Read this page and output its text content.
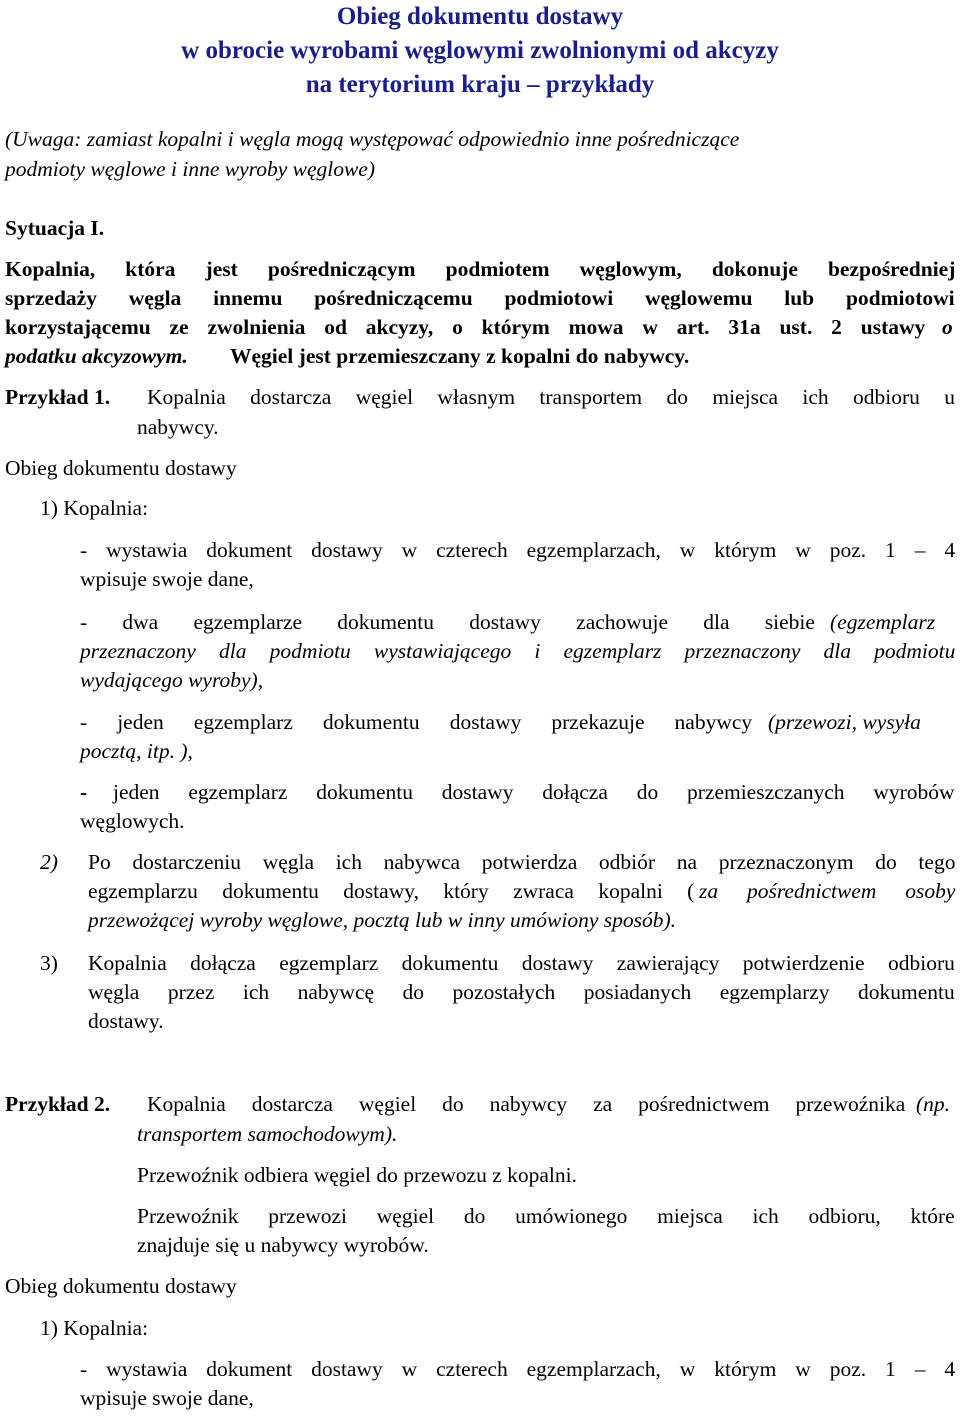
Obieg dokumentu dostawy
w obrocie wyrobami węglowymi zwolnionymi od akcyzy
na terytorium kraju – przykłady
(Uwaga: zamiast kopalni i węgla mogą występować odpowiednio inne pośredniczące
podmioty węglowe i inne wyroby węglowe)
Sytuacja I.
Kopalnia, która jest pośredniczącym podmiotem węglowym, dokonuje bezpośredniej
sprzedaży węgla innemu pośredniczącemu podmiotowi węglowemu lub podmiotowi
korzystającemu ze zwolnienia od akcyzy, o którym mowa w art. 31a ust. 2 ustawy o
podatku akcyzowym. Węgiel jest przemieszczany z kopalni do nabywcy.
Przykład 1. Kopalnia dostarcza węgiel własnym transportem do miejsca ich odbioru u
nabywcy.
Obieg dokumentu dostawy
1) Kopalnia:
- wystawia dokument dostawy w czterech egzemplarzach, w którym w poz. 1 – 4
wpisuje swoje dane,
- dwa egzemplarze dokumentu dostawy zachowuje dla siebie (egzemplarz
przeznaczony dla podmiotu wystawiającego i egzemplarz przeznaczony dla podmiotu
wydającego wyroby),
- jeden egzemplarz dokumentu dostawy przekazuje nabywcy (przewozi, wysyła
pocztą, itp. ),
- jeden egzemplarz dokumentu dostawy dołącza do przemieszczanych wyrobów
węglowych.
2) Po dostarczeniu węgla ich nabywca potwierdza odbiór na przeznaczonym do tego
egzemplarzu dokumentu dostawy, który zwraca kopalni ( za pośrednictwem osoby
przewożącej wyroby węglowe, pocztą lub w inny umówiony sposób).
3) Kopalnia dołącza egzemplarz dokumentu dostawy zawierający potwierdzenie odbioru
węgla przez ich nabywcę do pozostałych posiadanych egzemplarzy dokumentu
dostawy.
Przykład 2. Kopalnia dostarcza węgiel do nabywcy za pośrednictwem przewoźnika (np.
transportem samochodowym).
Przewoźnik odbiera węgiel do przewozu z kopalni.
Przewoźnik przewozi węgiel do umówionego miejsca ich odbioru, które
znajduje się u nabywcy wyrobów.
Obieg dokumentu dostawy
1) Kopalnia:
- wystawia dokument dostawy w czterech egzemplarzach, w którym w poz. 1 – 4
wpisuje swoje dane,
